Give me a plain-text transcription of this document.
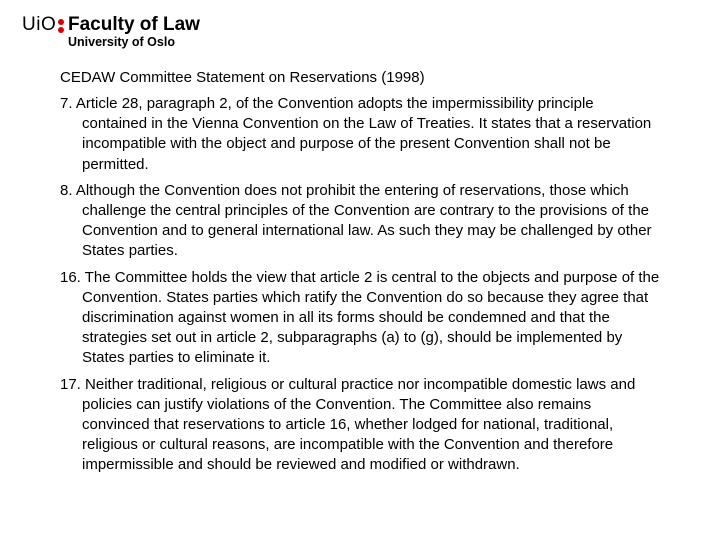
UiO Faculty of Law
University of Oslo
CEDAW Committee Statement on Reservations (1998)

7. Article 28, paragraph 2, of the Convention adopts the impermissibility principle contained in the Vienna Convention on the Law of Treaties. It states that a reservation incompatible with the object and purpose of the present Convention shall not be permitted.

8. Although the Convention does not prohibit the entering of reservations, those which challenge the central principles of the Convention are contrary to the provisions of the Convention and to general international law. As such they may be challenged by other States parties.

16. The Committee holds the view that article 2 is central to the objects and purpose of the Convention. States parties which ratify the Convention do so because they agree that discrimination against women in all its forms should be condemned and that the strategies set out in article 2, subparagraphs (a) to (g), should be implemented by States parties to eliminate it.

17. Neither traditional, religious or cultural practice nor incompatible domestic laws and policies can justify violations of the Convention. The Committee also remains convinced that reservations to article 16, whether lodged for national, traditional, religious or cultural reasons, are incompatible with the Convention and therefore impermissible and should be reviewed and modified or withdrawn.
